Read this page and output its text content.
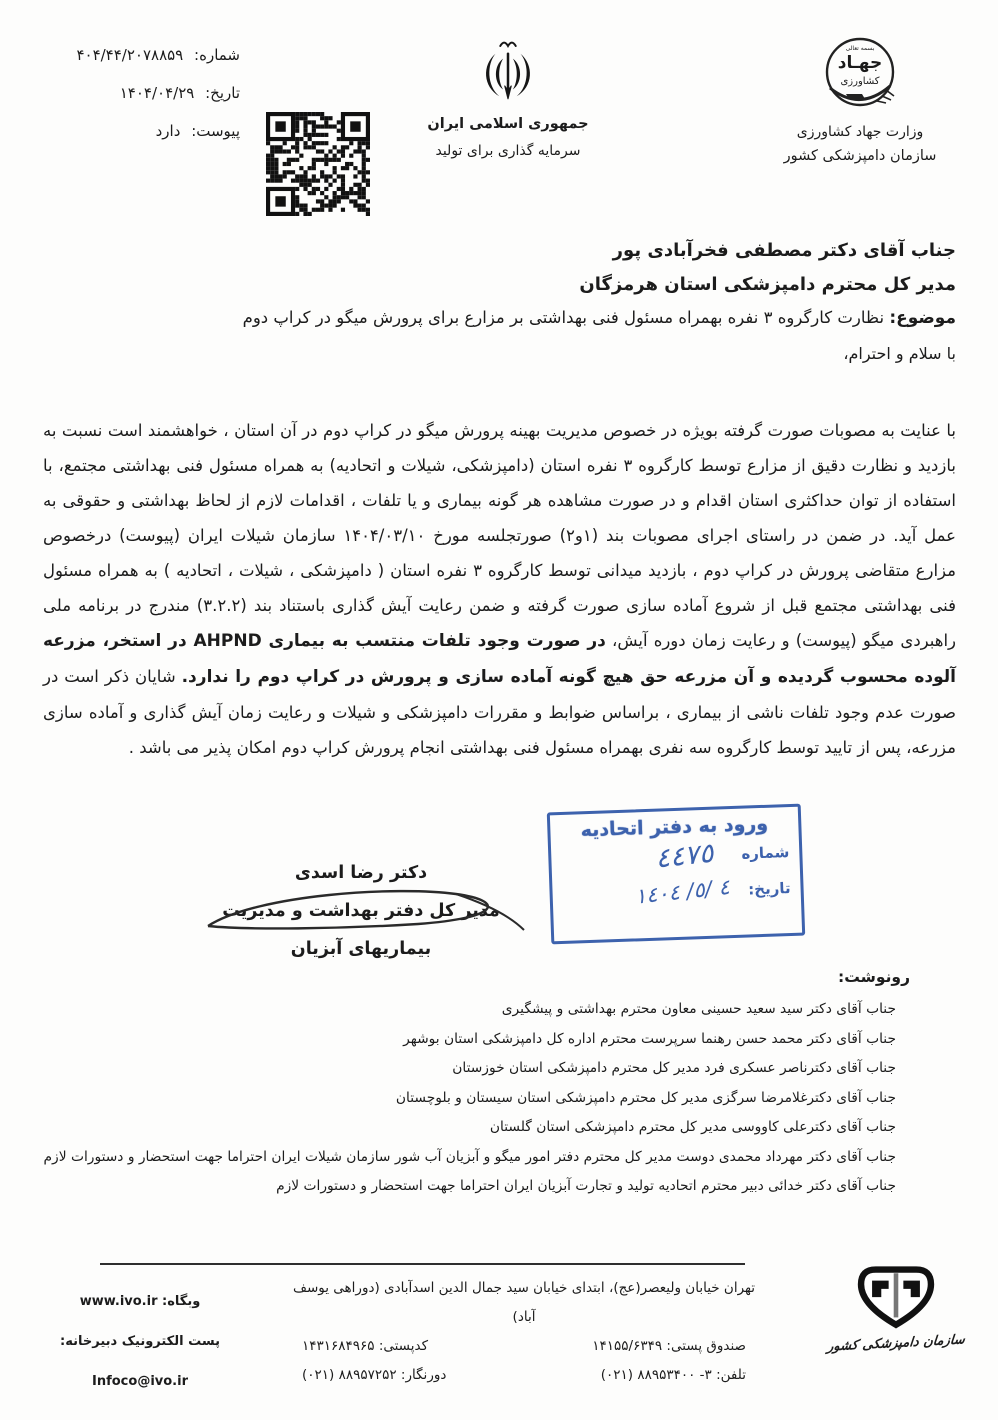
شماره: ۴۰۴/۴۴/۲۰۷۸۸۵۹
تاریخ: ۱۴۰۴/۰۴/۲۹
پیوست: دارد	جمهوری اسلامی ایران
سرمایه گذاری برای تولید
جهـاد
کشاورزی
بسمه تعالی
وزارت جهاد کشاورزی
سازمان دامپزشکی کشور
جناب آقای دکتر مصطفی فخرآبادی پور
مدیر کل محترم دامپزشکی استان هرمزگان
موضوع: نظارت کارگروه ۳ نفره بهمراه مسئول فنی بهداشتی بر مزارع برای پرورش میگو در کراپ دوم
با سلام و احترام،
با عنایت به مصوبات صورت گرفته بویژه در خصوص مدیریت بهینه پرورش میگو در کراپ دوم در آن استان ، خواهشمند است نسبت به بازدید و نظارت دقیق از مزارع توسط کارگروه ۳ نفره استان (دامپزشکی، شیلات و اتحادیه) به همراه مسئول فنی بهداشتی مجتمع، با استفاده از توان حداکثری استان اقدام و در صورت مشاهده هر گونه بیماری و یا تلفات ، اقدامات لازم از لحاظ بهداشتی و حقوقی به عمل آید. در ضمن در راستای اجرای مصوبات بند (۱و۲) صورتجلسه مورخ ۱۴۰۴/۰۳/۱۰ سازمان شیلات ایران (پیوست) درخصوص مزارع متقاضی پرورش در کراپ دوم ، بازدید میدانی توسط کارگروه ۳ نفره استان ( دامپزشکی ، شیلات ، اتحادیه ) به همراه مسئول فنی بهداشتی مجتمع قبل از شروع آماده سازی صورت گرفته و ضمن رعایت آیش گذاری باستناد بند (۳.۲.۲) مندرج در برنامه ملی راهبردی میگو (پیوست) و رعایت زمان دوره آیش، در صورت وجود تلفات منتسب به بیماری AHPND در استخر، مزرعه آلوده محسوب گردیده و آن مزرعه حق هیچ گونه آماده سازی و پرورش در کراپ دوم را ندارد. شایان ذکر است در صورت عدم وجود تلفات ناشی از بیماری ، براساس ضوابط و مقررات دامپزشکی و شیلات و رعایت زمان آیش گذاری و آماده سازی مزرعه، پس از تایید توسط کارگروه سه نفری بهمراه مسئول فنی بهداشتی انجام پرورش کراپ دوم امکان پذیر می باشد .
ورود به دفتر اتحادیه
شماره
٤٤٧٥
تاریخ:
٤ /٥/ ١٤٠٤
دکتر رضا اسدی
مدیر کل دفتر بهداشت و مدیریت
بیماریهای آبزیان
رونوشت:
جناب آقای دکتر سید سعید حسینی معاون محترم بهداشتی و پیشگیری
جناب آقای دکتر محمد حسن رهنما سرپرست محترم اداره کل دامپزشکی استان بوشهر
جناب آقای دکترناصر عسکری فرد مدیر کل محترم دامپزشکی استان خوزستان
جناب آقای دکترغلامرضا سرگزی مدیر کل محترم دامپزشکی استان سیستان و بلوچستان
جناب آقای دکترعلی کاووسی مدیر کل محترم دامپزشکی استان گلستان
جناب آقای دکتر مهرداد محمدی دوست مدیر کل محترم دفتر امور میگو و آبزیان آب شور سازمان شیلات ایران احتراما جهت استحضار و دستورات لازم
جناب آقای دکتر خدائی دبیر محترم اتحادیه تولید و تجارت آبزیان ایران احتراما جهت استحضار و دستورات لازم
تهران خیابان ولیعصر(عج)، ابتدای خیابان سید جمال الدین اسدآبادی (دوراهی یوسف آباد)
صندوق پستی: ۱۴۱۵۵/۶۳۴۹
کدپستی: ۱۴۳۱۶۸۴۹۶۵
تلفن: ۳- ۸۸۹۵۳۴۰۰ (۰۲۱)
دورنگار: ۸۸۹۵۷۲۵۲ (۰۲۱)
وبگاه: www.ivo.ir
پست الکترونیک دبیرخانه: Infoco@ivo.ir
سازمان دامپزشکی کشور
